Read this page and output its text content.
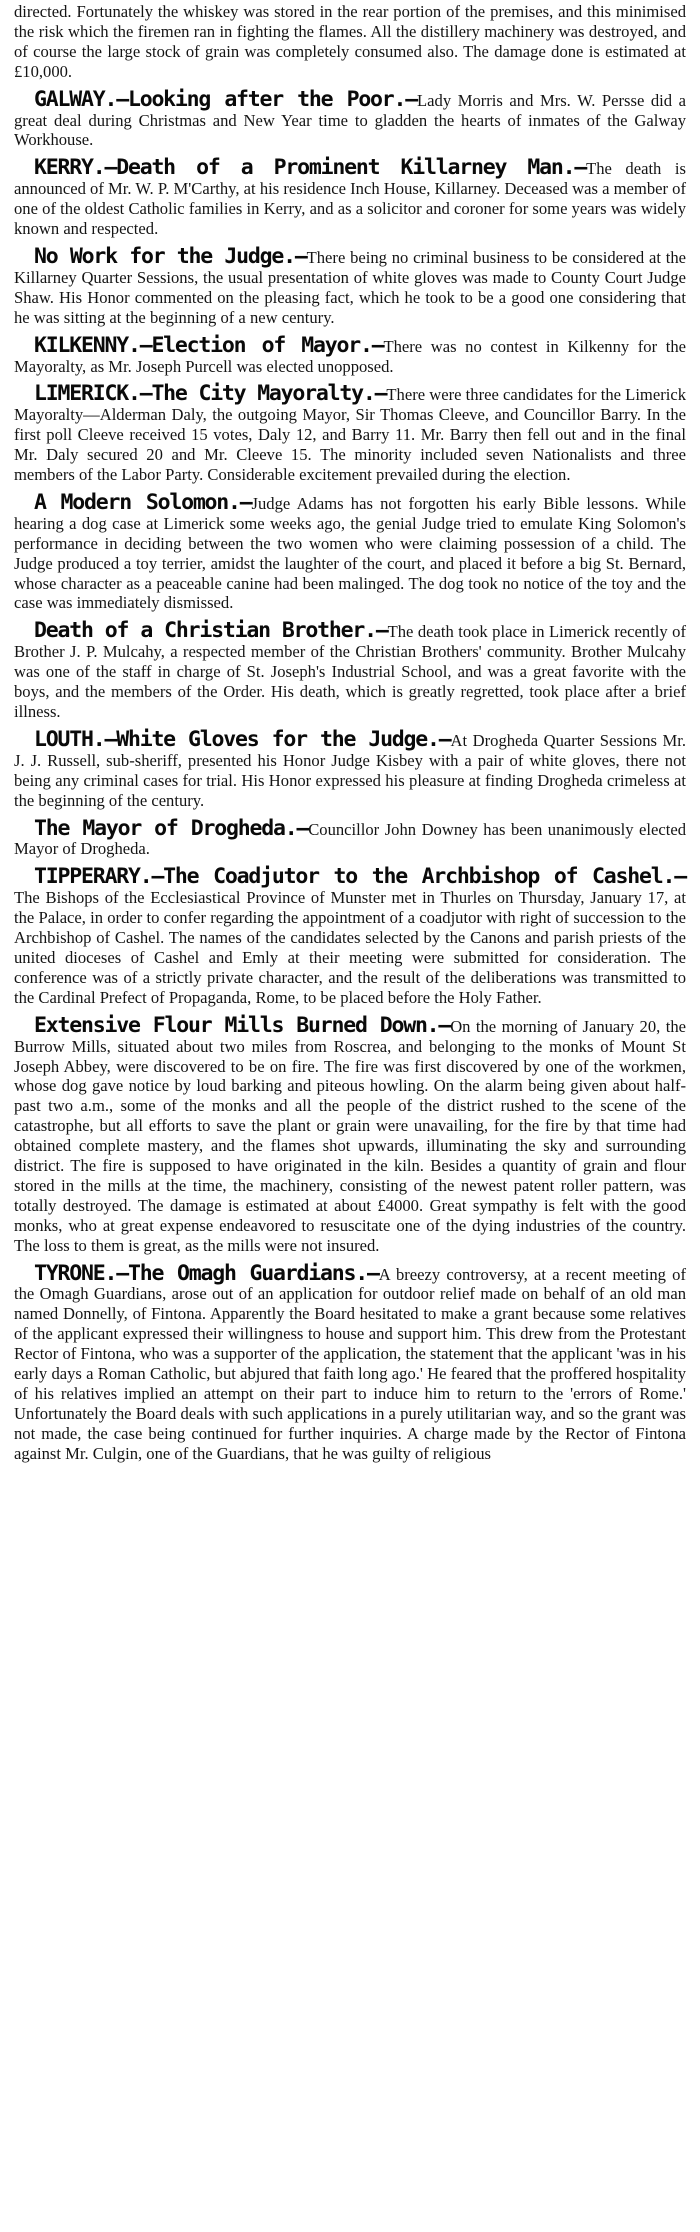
directed. Fortunately the whiskey was stored in the rear portion of the premises, and this minimised the risk which the firemen ran in fighting the flames. All the distillery machinery was destroyed, and of course the large stock of grain was completely consumed also. The damage done is estimated at £10,000.

GALWAY.—Looking after the Poor.—Lady Morris and Mrs. W. Persse did a great deal during Christmas and New Year time to gladden the hearts of inmates of the Galway Workhouse.

KERRY.—Death of a Prominent Killarney Man.—The death is announced of Mr. W. P. M'Carthy, at his residence Inch House, Killarney. Deceased was a member of one of the oldest Catholic families in Kerry, and as a solicitor and coroner for some years was widely known and respected.

No Work for the Judge.—There being no criminal business to be considered at the Killarney Quarter Sessions, the usual presentation of white gloves was made to County Court Judge Shaw. His Honor commented on the pleasing fact, which he took to be a good one considering that he was sitting at the beginning of a new century.

KILKENNY.—Election of Mayor.—There was no contest in Kilkenny for the Mayoralty, as Mr. Joseph Purcell was elected unopposed.

LIMERICK.—The City Mayoralty.—There were three candidates for the Limerick Mayoralty—Alderman Daly, the outgoing Mayor, Sir Thomas Cleeve, and Councillor Barry. In the first poll Cleeve received 15 votes, Daly 12, and Barry 11. Mr. Barry then fell out and in the final Mr. Daly secured 20 and Mr. Cleeve 15. The minority included seven Nationalists and three members of the Labor Party. Considerable excitement prevailed during the election.

A Modern Solomon.—Judge Adams has not forgotten his early Bible lessons. While hearing a dog case at Limerick some weeks ago, the genial Judge tried to emulate King Solomon's performance in deciding between the two women who were claiming possession of a child. The Judge produced a toy terrier, amidst the laughter of the court, and placed it before a big St. Bernard, whose character as a peaceable canine had been malinged. The dog took no notice of the toy and the case was immediately dismissed.

Death of a Christian Brother.—The death took place in Limerick recently of Brother J. P. Mulcahy, a respected member of the Christian Brothers' community. Brother Mulcahy was one of the staff in charge of St. Joseph's Industrial School, and was a great favorite with the boys, and the members of the Order. His death, which is greatly regretted, took place after a brief illness.

LOUTH.—White Gloves for the Judge.—At Drogheda Quarter Sessions Mr. J. J. Russell, sub-sheriff, presented his Honor Judge Kisbey with a pair of white gloves, there not being any criminal cases for trial. His Honor expressed his pleasure at finding Drogheda crimeless at the beginning of the century.

The Mayor of Drogheda.—Councillor John Downey has been unanimously elected Mayor of Drogheda.

TIPPERARY.—The Coadjutor to the Archbishop of Cashel.—The Bishops of the Ecclesiastical Province of Munster met in Thurles on Thursday, January 17, at the Palace, in order to confer regarding the appointment of a coadjutor with right of succession to the Archbishop of Cashel. The names of the candidates selected by the Canons and parish priests of the united dioceses of Cashel and Emly at their meeting were submitted for consideration. The conference was of a strictly private character, and the result of the deliberations was transmitted to the Cardinal Prefect of Propaganda, Rome, to be placed before the Holy Father.

Extensive Flour Mills Burned Down.—On the morning of January 20, the Burrow Mills, situated about two miles from Roscrea, and belonging to the monks of Mount St Joseph Abbey, were discovered to be on fire. The fire was first discovered by one of the workmen, whose dog gave notice by loud barking and piteous howling. On the alarm being given about half-past two a.m., some of the monks and all the people of the district rushed to the scene of the catastrophe, but all efforts to save the plant or grain were unavailing, for the fire by that time had obtained complete mastery, and the flames shot upwards, illuminating the sky and surrounding district. The fire is supposed to have originated in the kiln. Besides a quantity of grain and flour stored in the mills at the time, the machinery, consisting of the newest patent roller pattern, was totally destroyed. The damage is estimated at about £4000. Great sympathy is felt with the good monks, who at great expense endeavored to resuscitate one of the dying industries of the country. The loss to them is great, as the mills were not insured.

TYRONE.—The Omagh Guardians.—A breezy controversy, at a recent meeting of the Omagh Guardians, arose out of an application for outdoor relief made on behalf of an old man named Donnelly, of Fintona. Apparently the Board hesitated to make a grant because some relatives of the applicant expressed their willingness to house and support him. This drew from the Protestant Rector of Fintona, who was a supporter of the application, the statement that the applicant 'was in his early days a Roman Catholic, but abjured that faith long ago.' He feared that the proffered hospitality of his relatives implied an attempt on their part to induce him to return to the 'errors of Rome.' Unfortunately the Board deals with such applications in a purely utilitarian way, and so the grant was not made, the case being continued for further inquiries. A charge made by the Rector of Fintona against Mr. Culgin, one of the Guardians, that he was guilty of religious
